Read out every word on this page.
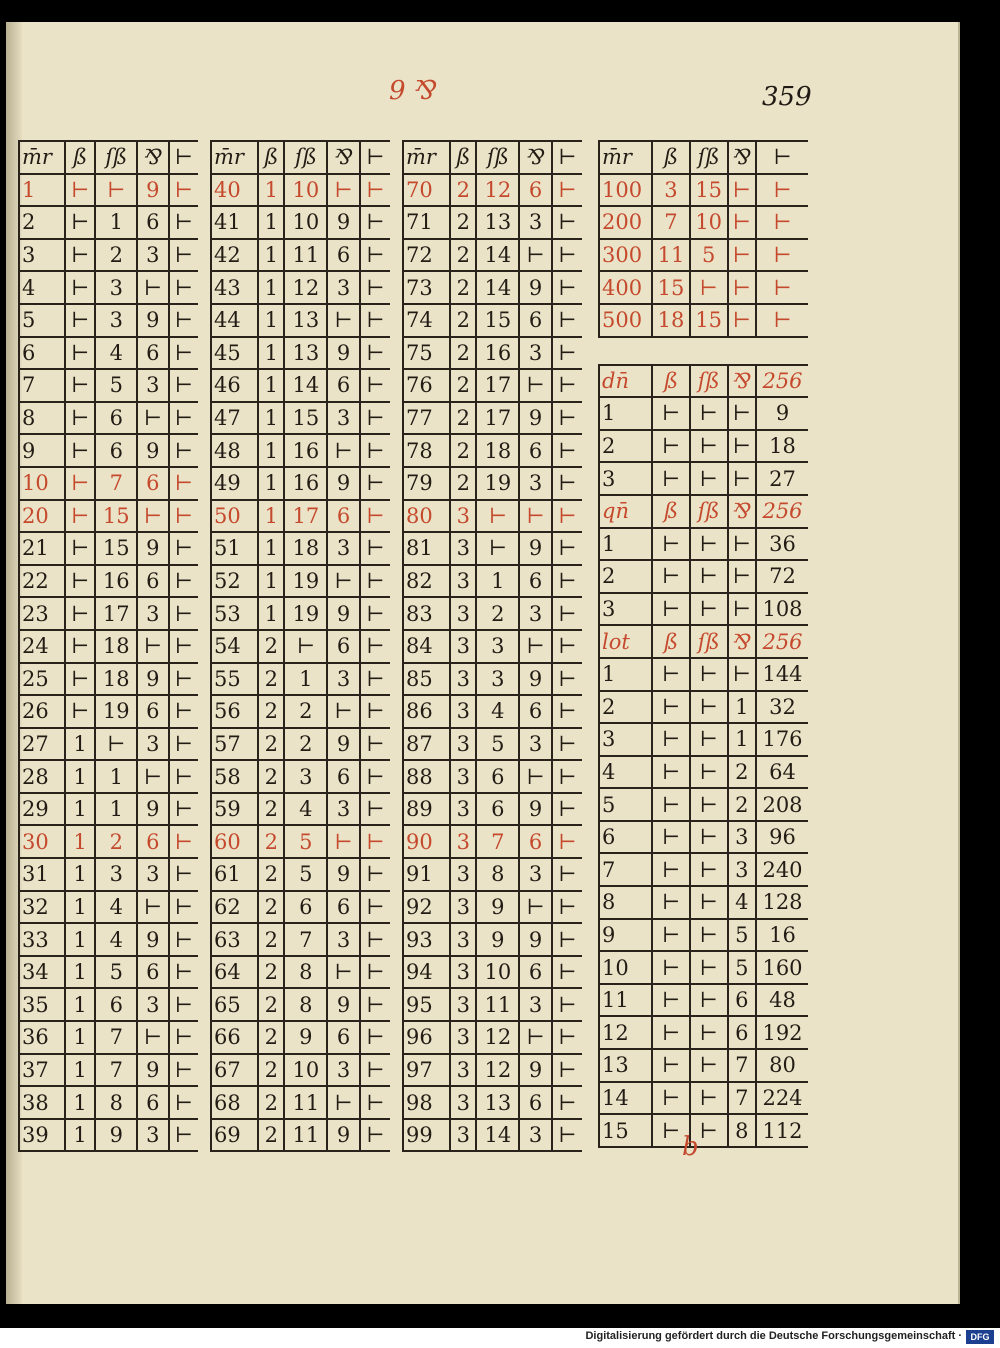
9 ⅋	359
m̄r	ß	ſß	⅋	⊢
1	⊢	⊢	9	⊢
2	⊢	1	6	⊢
3	⊢	2	3	⊢
4	⊢	3	⊢	⊢
5	⊢	3	9	⊢
6	⊢	4	6	⊢
7	⊢	5	3	⊢
8	⊢	6	⊢	⊢
9	⊢	6	9	⊢
10	⊢	7	6	⊢
20	⊢	15	⊢	⊢
21	⊢	15	9	⊢
22	⊢	16	6	⊢
23	⊢	17	3	⊢
24	⊢	18	⊢	⊢
25	⊢	18	9	⊢
26	⊢	19	6	⊢
27	1	⊢	3	⊢
28	1	1	⊢	⊢
29	1	1	9	⊢
30	1	2	6	⊢
31	1	3	3	⊢
32	1	4	⊢	⊢
33	1	4	9	⊢
34	1	5	6	⊢
35	1	6	3	⊢
36	1	7	⊢	⊢
37	1	7	9	⊢
38	1	8	6	⊢
39	1	9	3	⊢
m̄r	ß	ſß	⅋	⊢
40	1	10	⊢	⊢
41	1	10	9	⊢
42	1	11	6	⊢
43	1	12	3	⊢
44	1	13	⊢	⊢
45	1	13	9	⊢
46	1	14	6	⊢
47	1	15	3	⊢
48	1	16	⊢	⊢
49	1	16	9	⊢
50	1	17	6	⊢
51	1	18	3	⊢
52	1	19	⊢	⊢
53	1	19	9	⊢
54	2	⊢	6	⊢
55	2	1	3	⊢
56	2	2	⊢	⊢
57	2	2	9	⊢
58	2	3	6	⊢
59	2	4	3	⊢
60	2	5	⊢	⊢
61	2	5	9	⊢
62	2	6	6	⊢
63	2	7	3	⊢
64	2	8	⊢	⊢
65	2	8	9	⊢
66	2	9	6	⊢
67	2	10	3	⊢
68	2	11	⊢	⊢
69	2	11	9	⊢
m̄r	ß	ſß	⅋	⊢
70	2	12	6	⊢
71	2	13	3	⊢
72	2	14	⊢	⊢
73	2	14	9	⊢
74	2	15	6	⊢
75	2	16	3	⊢
76	2	17	⊢	⊢
77	2	17	9	⊢
78	2	18	6	⊢
79	2	19	3	⊢
80	3	⊢	⊢	⊢
81	3	⊢	9	⊢
82	3	1	6	⊢
83	3	2	3	⊢
84	3	3	⊢	⊢
85	3	3	9	⊢
86	3	4	6	⊢
87	3	5	3	⊢
88	3	6	⊢	⊢
89	3	6	9	⊢
90	3	7	6	⊢
91	3	8	3	⊢
92	3	9	⊢	⊢
93	3	9	9	⊢
94	3	10	6	⊢
95	3	11	3	⊢
96	3	12	⊢	⊢
97	3	12	9	⊢
98	3	13	6	⊢
99	3	14	3	⊢
m̄r	ß	ſß	⅋	⊢
100	3	15	⊢	⊢
200	7	10	⊢	⊢
300	11	5	⊢	⊢
400	15	⊢	⊢	⊢
500	18	15	⊢	⊢

dn̄	ß	ſß	⅋	256
1	⊢	⊢	⊢	9
2	⊢	⊢	⊢	18
3	⊢	⊢	⊢	27
qn̄	ß	ſß	⅋	256
1	⊢	⊢	⊢	36
2	⊢	⊢	⊢	72
3	⊢	⊢	⊢	108
lot	ß	ſß	⅋	256
1	⊢	⊢	⊢	144
2	⊢	⊢	1	32
3	⊢	⊢	1	176
4	⊢	⊢	2	64
5	⊢	⊢	2	208
6	⊢	⊢	3	96
7	⊢	⊢	3	240
8	⊢	⊢	4	128
9	⊢	⊢	5	16
10	⊢	⊢	5	160
11	⊢	⊢	6	48
12	⊢	⊢	6	192
13	⊢	⊢	7	80
14	⊢	⊢	7	224
15	⊢	⊢	8	112
b
Digitalisierung gefördert durch die Deutsche Forschungsgemeinschaft · DFG
